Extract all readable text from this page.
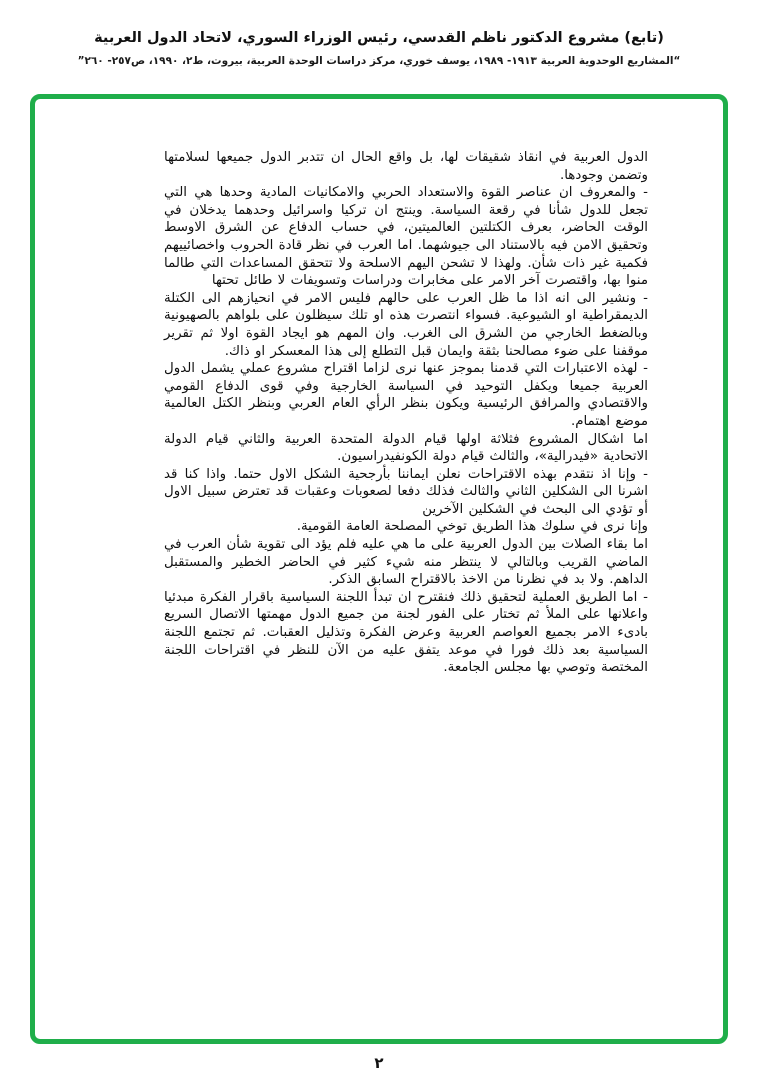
(تابع) مشروع الدكتور ناظم القدسي، رئيس الوزراء السوري، لاتحاد الدول العربية
“المشاريع الوحدوية العربية ١٩١٣- ١٩٨٩، يوسف خوري، مركز دراسات الوحدة العربية، بيروت، ط٢، ١٩٩٠، ص٢٥٧- ٢٦٠”

الدول العربية في انقاذ شقيقات لها، بل واقع الحال ان تتدبر الدول جميعها لسلامتها وتضمن وجودها.

- والمعروف ان عناصر القوة والاستعداد الحربي والامكانيات المادية وحدها هي التي تجعل للدول شأنا في رقعة السياسة. وينتج ان تركيا واسرائيل وحدهما يدخلان في الوقت الحاضر، بعرف الكتلتين العالميتين، في حساب الدفاع عن الشرق الاوسط وتحقيق الامن فيه بالاستناد الى جيوشهما. اما العرب في نظر قادة الحروب واخصائييهم فكمية غير ذات شأن. ولهذا لا تشحن اليهم الاسلحة ولا تتحقق المساعدات التي طالما منوا بها، واقتصرت آخر الامر على مخابرات ودراسات وتسويفات لا طائل تحتها

- ونشير الى انه اذا ما ظل العرب على حالهم فليس الامر في انحيازهم الى الكتلة الديمقراطية او الشيوعية. فسواء انتصرت هذه او تلك سيظلون على بلواهم بالصهيونية وبالضغط الخارجي من الشرق الى الغرب. وان المهم هو ايجاد القوة اولا ثم تقرير موقفنا على ضوء مصالحنا بثقة وايمان قبل التطلع إلى هذا المعسكر او ذاك.

- لهذه الاعتبارات التي قدمنا بموجز عنها نرى لزاما اقتراح مشروع عملي يشمل الدول العربية جميعا ويكفل التوحيد في السياسة الخارجية وفي قوى الدفاع القومي والاقتصادي والمرافق الرئيسية ويكون بنظر الرأي العام العربي وبنظر الكتل العالمية موضع اهتمام.

اما اشكال المشروع فثلاثة اولها قيام الدولة المتحدة العربية والثاني قيام الدولة الاتحادية «فيدرالية»، والثالث قيام دولة الكونفيدراسيون.

- وإنا اذ نتقدم بهذه الاقتراحات نعلن ايماننا بأرجحية الشكل الاول حتما. واذا كنا قد اشرنا الى الشكلين الثاني والثالث فذلك دفعا لصعوبات وعقبات قد تعترض سبيل الاول أو تؤدي الى البحث في الشكلين الآخرين

وإنا نرى في سلوك هذا الطريق توخي المصلحة العامة القومية.

اما بقاء الصلات بين الدول العربية على ما هي عليه فلم يؤد الى تقوية شأن العرب في الماضي القريب وبالتالي لا ينتظر منه شيء كثير في الحاضر الخطير والمستقبل الداهم. ولا بد في نظرنا من الاخذ بالاقتراح السابق الذكر.

- اما الطريق العملية لتحقيق ذلك فنقترح ان تبدأ اللجنة السياسية باقرار الفكرة مبدئيا واعلانها على الملأ ثم تختار على الفور لجنة من جميع الدول مهمتها الاتصال السريع بادىء الامر بجميع العواصم العربية وعرض الفكرة وتذليل العقبات. ثم تجتمع اللجنة السياسية بعد ذلك فورا في موعد يتفق عليه من الآن للنظر في اقتراحات اللجنة المختصة وتوصي بها مجلس الجامعة.

٢
